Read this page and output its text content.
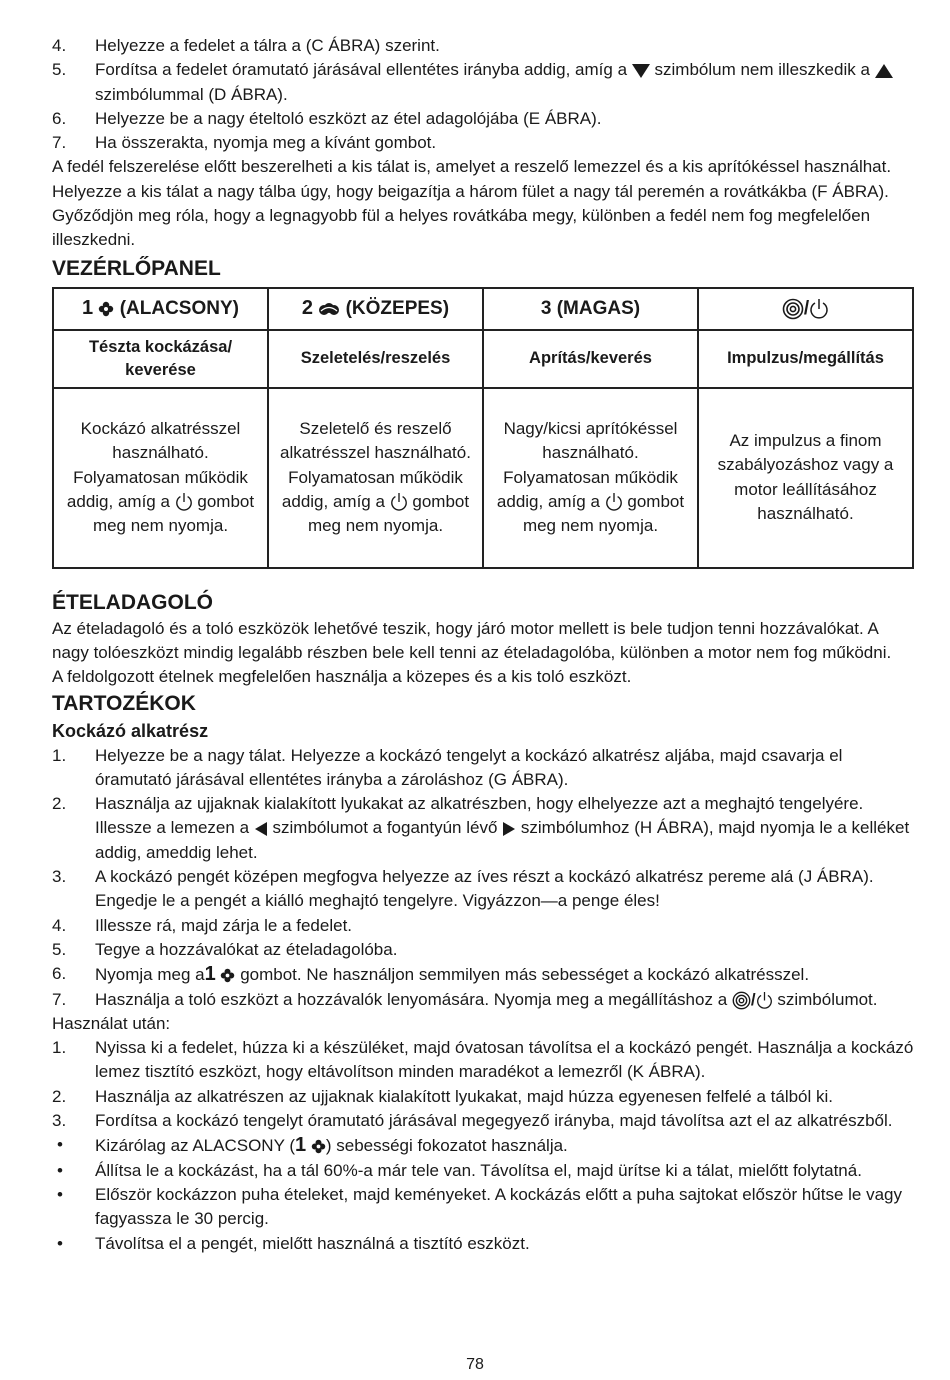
4. Helyezze a fedelet a tálra a (C ÁBRA) szerint.
5. Fordítsa a fedelet óramutató járásával ellentétes irányba addig, amíg a szimbólum nem illeszkedik a  szimbólummal (D ÁBRA).
6. Helyezze be a nagy ételtoló eszközt az étel adagolójába (E ÁBRA).
7. Ha összerakta, nyomja meg a kívánt gombot.

A fedél felszerelése előtt beszerelheti a kis tálat is, amelyet a reszelő lemezzel és a kis aprítókéssel használhat. Helyezze a kis tálat a nagy tálba úgy, hogy beigazítja a három fület a nagy tál peremén a rovátkákba (F ÁBRA). Győződjön meg róla, hogy a legnagyobb fül a helyes rovátkába megy, különben a fedél nem fog megfelelően illeszkedni.

VEZÉRLŐPANEL
1 (ALACSONY)	2 (KÖZEPES)	3 (MAGAS)	/
Tészta kockázása/ keverése	Szeletelés/reszelés	Aprítás/keverés	Impulzus/megállítás
Kockázó alkatrésszel használható. Folyamatosan működik addig, amíg a gombot meg nem nyomja.	Szeletelő és reszelő alkatrésszel használható. Folyamatosan működik addig, amíg a gombot meg nem nyomja.	Nagy/kicsi aprítókéssel használható. Folyamatosan működik addig, amíg a gombot meg nem nyomja.	Az impulzus a finom szabályozáshoz vagy a motor leállításához használható.
ÉTELADAGOLÓ

Az ételadagoló és a toló eszközök lehetővé teszik, hogy járó motor mellett is bele tudjon tenni hozzávalókat. A nagy tolóeszközt mindig legalább részben bele kell tenni az ételadagolóba, különben a motor nem fog működni.

A feldolgozott ételnek megfelelően használja a közepes és a kis toló eszközt.

TARTOZÉKOK
Kockázó alkatrész
1. Helyezze be a nagy tálat. Helyezze a kockázó tengelyt a kockázó alkatrész aljába, majd csavarja el óramutató járásával ellentétes irányba a zároláshoz (G ÁBRA).
2. Használja az ujjaknak kialakított lyukakat az alkatrészben, hogy elhelyezze azt a meghajtó tengelyére. Illessze a lemezen a szimbólumot a fogantyún lévő szimbólumhoz (H ÁBRA), majd nyomja le a kelléket addig, ameddig lehet.
3. A kockázó pengét középen megfogva helyezze az íves részt a kockázó alkatrész pereme alá (J ÁBRA). Engedje le a pengét a kiálló meghajtó tengelyre. Vigyázzon—a penge éles!
4. Illessze rá, majd zárja le a fedelet.
5. Tegye a hozzávalókat az ételadagolóba.
6. Nyomja meg a1 gombot. Ne használjon semmilyen más sebességet a kockázó alkatrésszel.
7. Használja a toló eszközt a hozzávalók lenyomására. Nyomja meg a megállításhoz a / szimbólumot.

Használat után:

1. Nyissa ki a fedelet, húzza ki a készüléket, majd óvatosan távolítsa el a kockázó pengét. Használja a kockázó lemez tisztító eszközt, hogy eltávolítson minden maradékot a lemezről (K ÁBRA).
2. Használja az alkatrészen az ujjaknak kialakított lyukakat, majd húzza egyenesen felfelé a tálból ki.
3. Fordítsa a kockázó tengelyt óramutató járásával megegyező irányba, majd távolítsa azt el az alkatrészből.
• Kizárólag az ALACSONY (1 ) sebességi fokozatot használja.
• Állítsa le a kockázást, ha a tál 60%-a már tele van. Távolítsa el, majd ürítse ki a tálat, mielőtt folytatná.
• Először kockázzon puha ételeket, majd keményeket. A kockázás előtt a puha sajtokat először hűtse le vagy fagyassza le 30 percig.
• Távolítsa el a pengét, mielőtt használná a tisztító eszközt.
78
